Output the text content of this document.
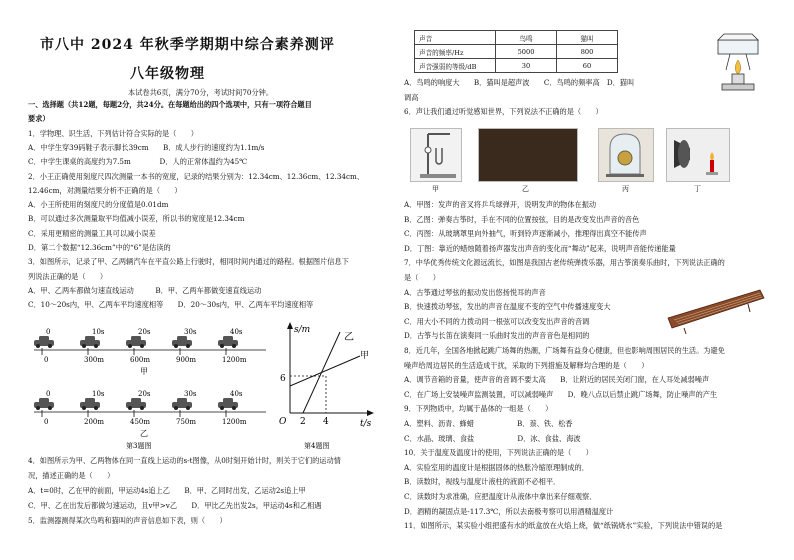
市八中 2024 年秋季学期期中综合素养测评
八年级物理
本试卷共6页，满分70分，考试时间70分钟。
一、选择题（共12题，每题2分，共24分。在每题给出的四个选项中，只有一项符合题目
要求）
1．学物理、识生活，下列估计符合实际的是（　　）
A．中学生穿39码鞋子表示脚长39cm　　B．成人步行的速度约为1.1m/s
C．中学生课桌的高度约为7.5m　　　　D．人的正常体温约为45℃
2．小王正确使用刻度尺四次测量一本书的宽度，记录的结果分别为：12.34cm、12.36cm、12.34cm、
12.46cm，对测量结果分析不正确的是（　　）
A．小王所使用的刻度尺的分度值是0.01dm
B．可以通过多次测量取平均值减小误差，所以书的宽度是12.34cm
C．采用更精密的测量工具可以减小误差
D．第二个数据“12.36cm”中的“6”是估读的
3．如图所示，记录了甲、乙两辆汽车在平直公路上行驶时，相同时间内通过的路程。根据图片信息下
列说法正确的是（　　）
A．甲、乙两车都做匀速直线运动　　　B．甲、乙两车都做变速直线运动
C．10～20s内，甲、乙两车平均速度相等　　D．20～30s内，甲、乙两车平均速度相等
0
0
10s
300m
20s
600m
30s
900m
40s
1200m
甲
0
0
10s
200m
20s
450m
30s
750m
40s
1200m
乙
第3题图
s/m
t/s
O
6
2 4
乙
甲
第4题图
4．如图所示为甲、乙两物体在同一直线上运动的s-t图像，从0时刻开始计时，则关于它们的运动情
况，描述正确的是（　　）
A．t=0时，乙在甲的前面，甲运动4s追上乙　　B．甲、乙同时出发，乙运动2s追上甲
C．甲、乙在出发后都做匀速运动，且v甲>v乙　　D．甲比乙先出发2s，甲运动4s和乙相遇
5．监测器测得某次鸟鸣和猫叫的声音信息如下表，则（　　）
声音	鸟鸣	猫叫
声音的频率/Hz	5000	800
声音强弱的等级/dB	30	60
A．鸟鸣的响度大　　B．猫叫是超声波　　C．鸟鸣的频率高　D．猫叫
调高
6．声让我们通过听觉感知世界，下列说法不正确的是（　　）
甲	乙	丙	丁
A．甲图：发声的音叉将乒乓球弹开，说明发声的物体在振动
B．乙图：弹奏古筝时，手在不同的位置按弦，目的是改变发出声音的音色
C．丙图：从玻璃罩里向外抽气，听到铃声逐渐减小，推理得出真空不能传声
D．丁图：靠近的蜡烛随着扬声器发出声音的变化而“舞动”起来，说明声音能传递能量
7．中华优秀传统文化源远流长，如图是我国古老传统弹拨乐器，用古筝演奏乐曲时，下列说法正确的
是（　　）
A．古筝通过琴弦的振动发出悠扬悦耳的声音
B．快速拨动琴弦，发出的声音在温度不变的空气中传播速度变大
C．用大小不同的力拨动同一根弦可以改变发出声音的音调
D．古筝与长笛在演奏同一乐曲时发出的声音音色是相同的
8．近几年，全国各地掀起跳广场舞的热潮，广场舞有益身心健康，但也影响周围居民的生活。为避免
噪声给周边居民的生活造成干扰，采取的下列措施及解释均合理的是（　　）
A．调节音箱的音量，使声音的音调不要太高　　B．让附近的居民关闭门窗，在人耳处减弱噪声
C．在广场上安装噪声监测装置，可以减弱噪声　　D．晚八点以后禁止跳广场舞，防止噪声的产生
9．下列物质中，均属于晶体的一组是（　　）
A．塑料、沥青、蜂蜡　　　　　　B．萘、铁、松香
C．水晶、玻璃、食盐　　　　　　D．冰、食盐、海波
10．关于温度及温度计的使用，下列说法正确的是（　　）
A．实验室用的温度计是根据固体的热胀冷缩原理制成的．
B．读数时，视线与温度计液柱的液面不必相平．
C．读数时为求准确，应把温度计从液体中拿出来仔细观察．
D．酒精的凝固点是-117.3℃，所以去南极考察可以用酒精温度计
11．如图所示，某实验小组把盛有水的纸盒放在火焰上烧，做“纸锅烧水”实验，下列说法中错误的是
